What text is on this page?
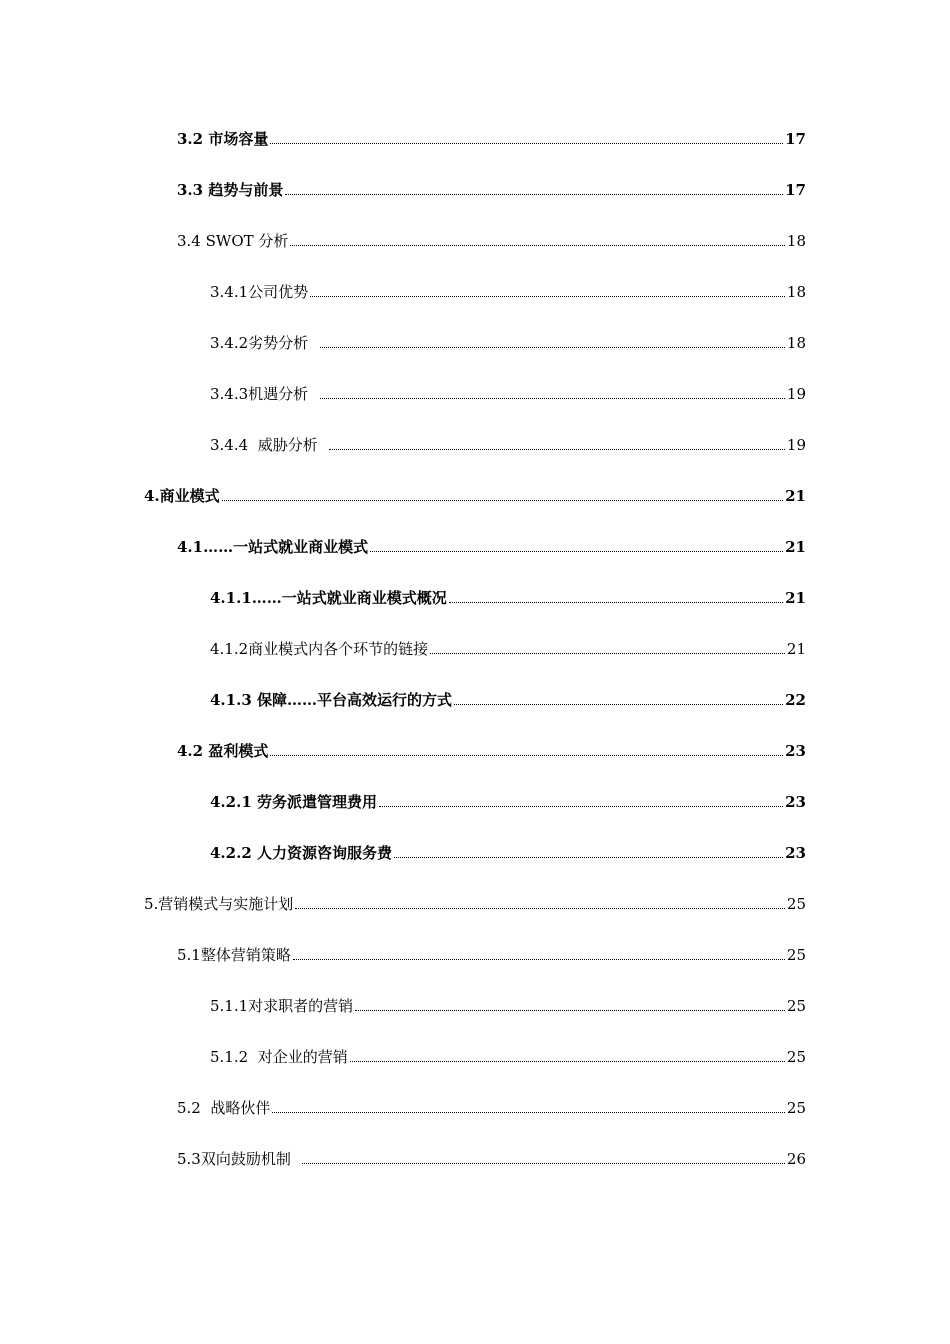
3.2 市场容量	17
3.3 趋势与前景	17
3.4 SWOT 分析	18
3.4.1公司优势	18
3.4.2劣势分析	18
3.4.3机遇分析	19
3.4.4  威胁分析	19
4.商业模式	21
4.1……一站式就业商业模式	21
4.1.1……一站式就业商业模式概况	21
4.1.2商业模式内各个环节的链接	21
4.1.3 保障……平台高效运行的方式	22
4.2 盈利模式	23
4.2.1 劳务派遣管理费用	23
4.2.2 人力资源咨询服务费	23
5.营销模式与实施计划	25
5.1整体营销策略	25
5.1.1对求职者的营销	25
5.1.2  对企业的营销	25
5.2  战略伙伴	25
5.3双向鼓励机制	26
